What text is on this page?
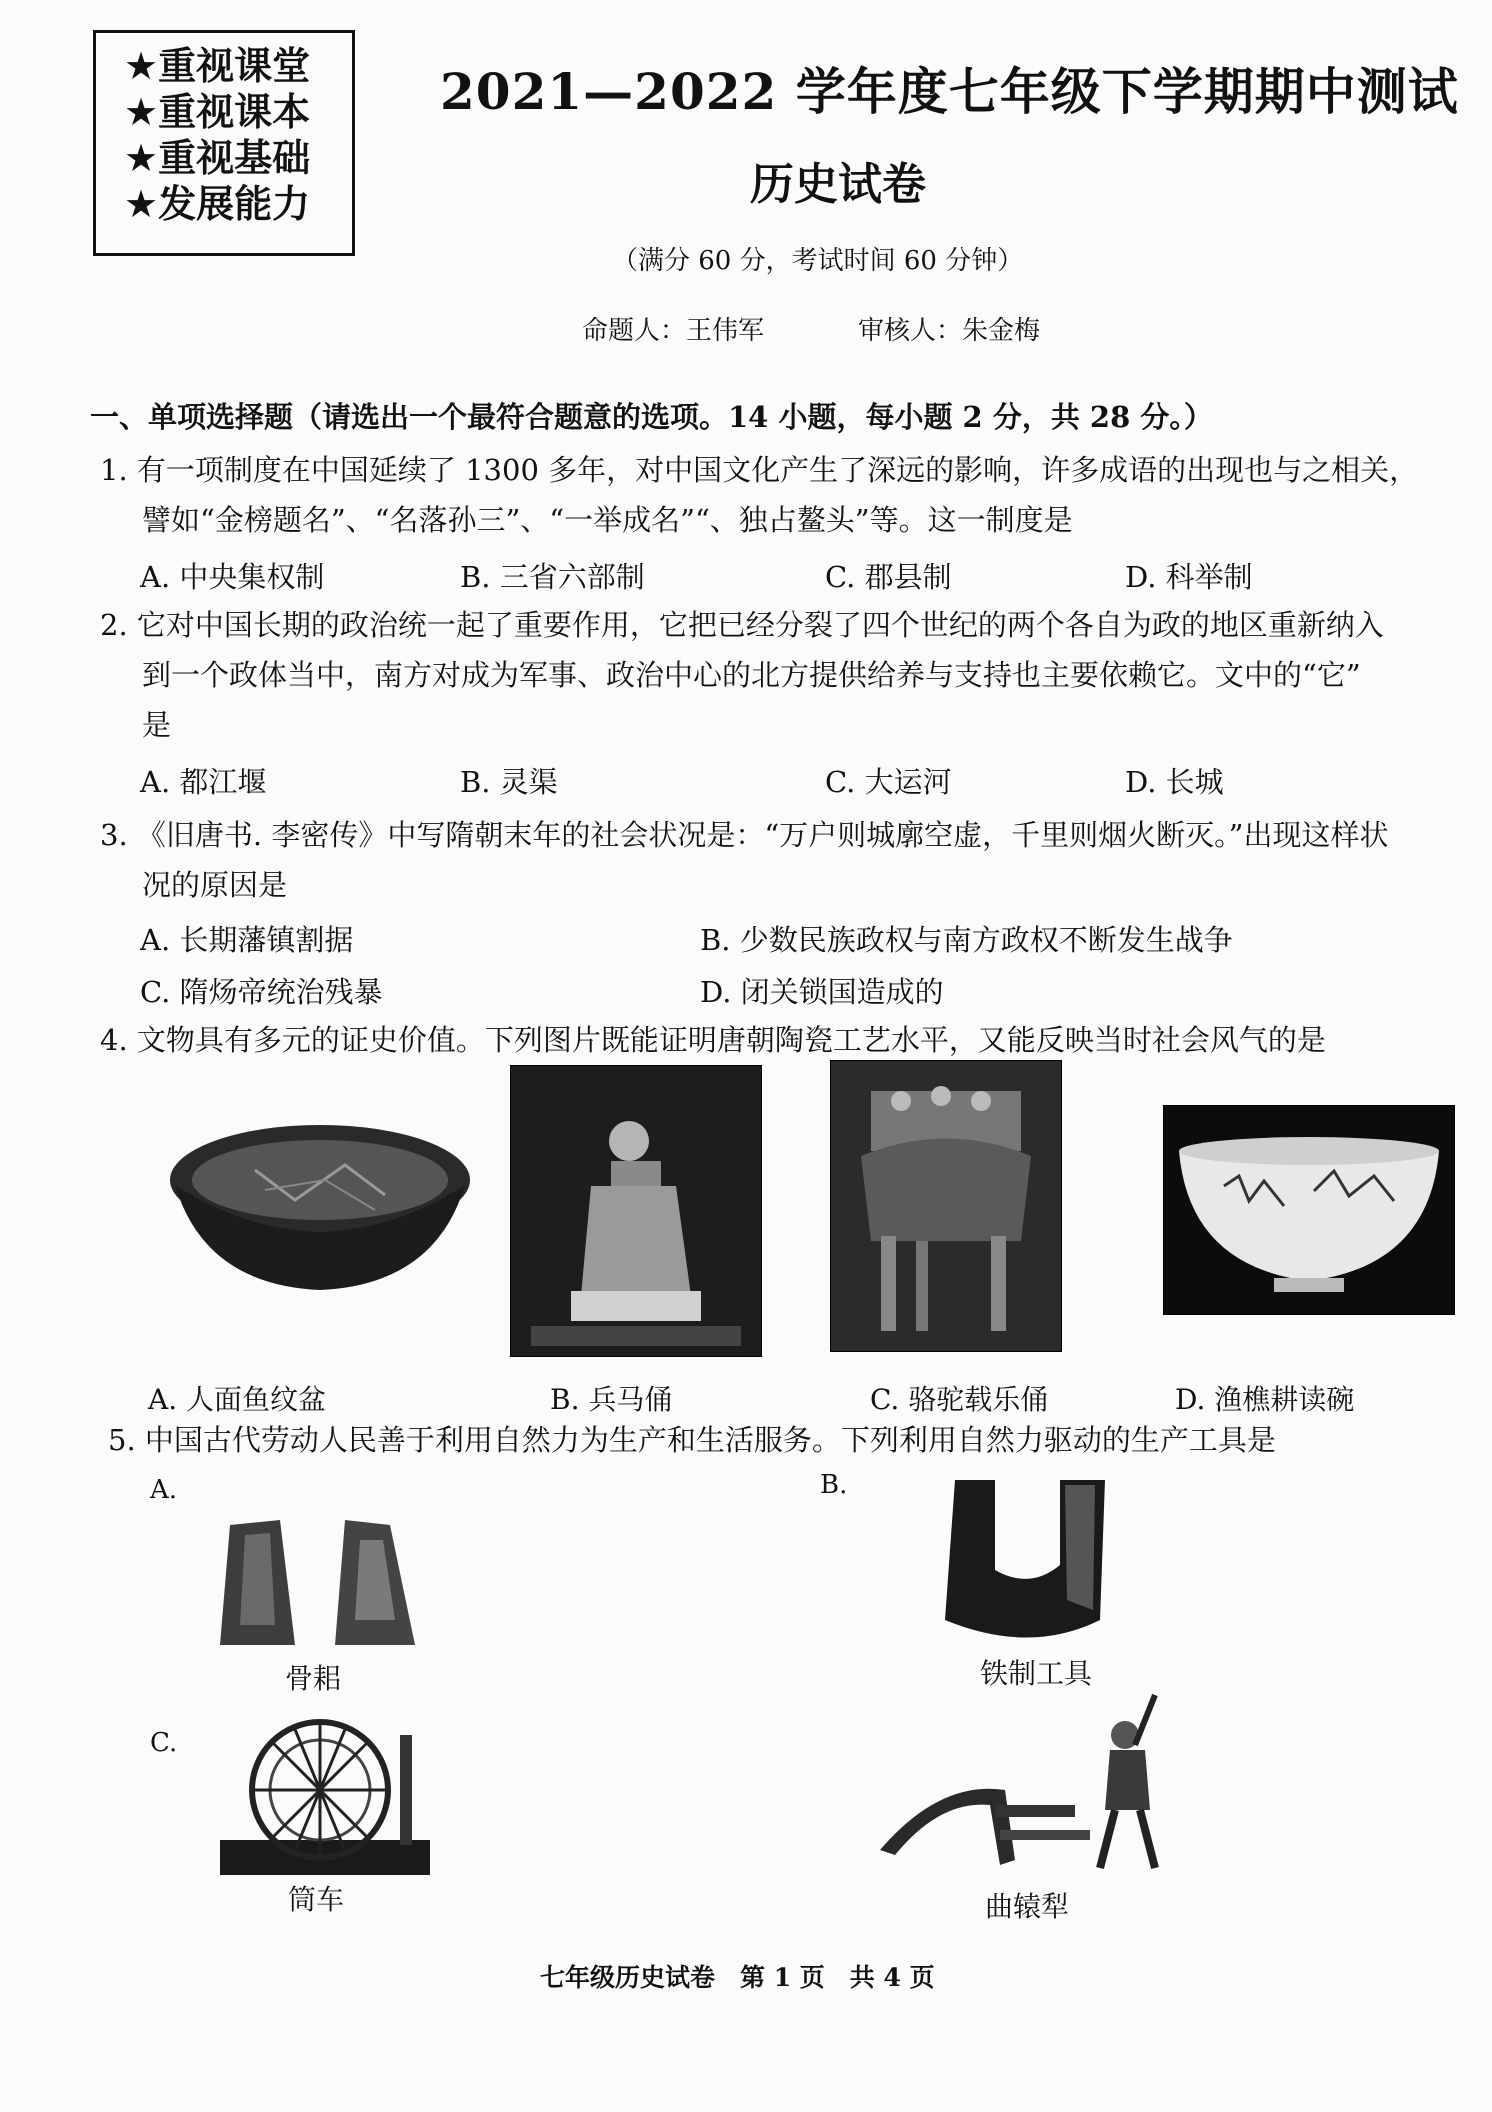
★重视课堂
★重视课本
★重视基础
★发展能力
2021—2022 学年度七年级下学期期中测试
历史试卷
（满分 60 分，考试时间 60 分钟）
命题人：王伟军	审核人：朱金梅
一、单项选择题（请选出一个最符合题意的选项。14 小题，每小题 2 分，共 28 分。）
1. 有一项制度在中国延续了 1300 多年，对中国文化产生了深远的影响，许多成语的出现也与之相关，
譬如“金榜题名”、“名落孙三”、“一举成名”“、独占鳌头”等。这一制度是
A. 中央集权制	B. 三省六部制	C. 郡县制	D. 科举制
2. 它对中国长期的政治统一起了重要作用，它把已经分裂了四个世纪的两个各自为政的地区重新纳入
到一个政体当中，南方对成为军事、政治中心的北方提供给养与支持也主要依赖它。文中的“它”
是
A. 都江堰	B. 灵渠	C. 大运河	D. 长城
3. 《旧唐书. 李密传》中写隋朝末年的社会状况是：“万户则城廓空虚，千里则烟火断灭。”出现这样状
况的原因是
A. 长期藩镇割据	B. 少数民族政权与南方政权不断发生战争
C. 隋炀帝统治残暴	D. 闭关锁国造成的
4. 文物具有多元的证史价值。下列图片既能证明唐朝陶瓷工艺水平，又能反映当时社会风气的是
A. 人面鱼纹盆	B. 兵马俑	C. 骆驼载乐俑	D. 渔樵耕读碗
5. 中国古代劳动人民善于利用自然力为生产和生活服务。下列利用自然力驱动的生产工具是
A.	B.
C.
骨耜	铁制工具
筒车	曲辕犁
七年级历史试卷　第 1 页　共 4 页
